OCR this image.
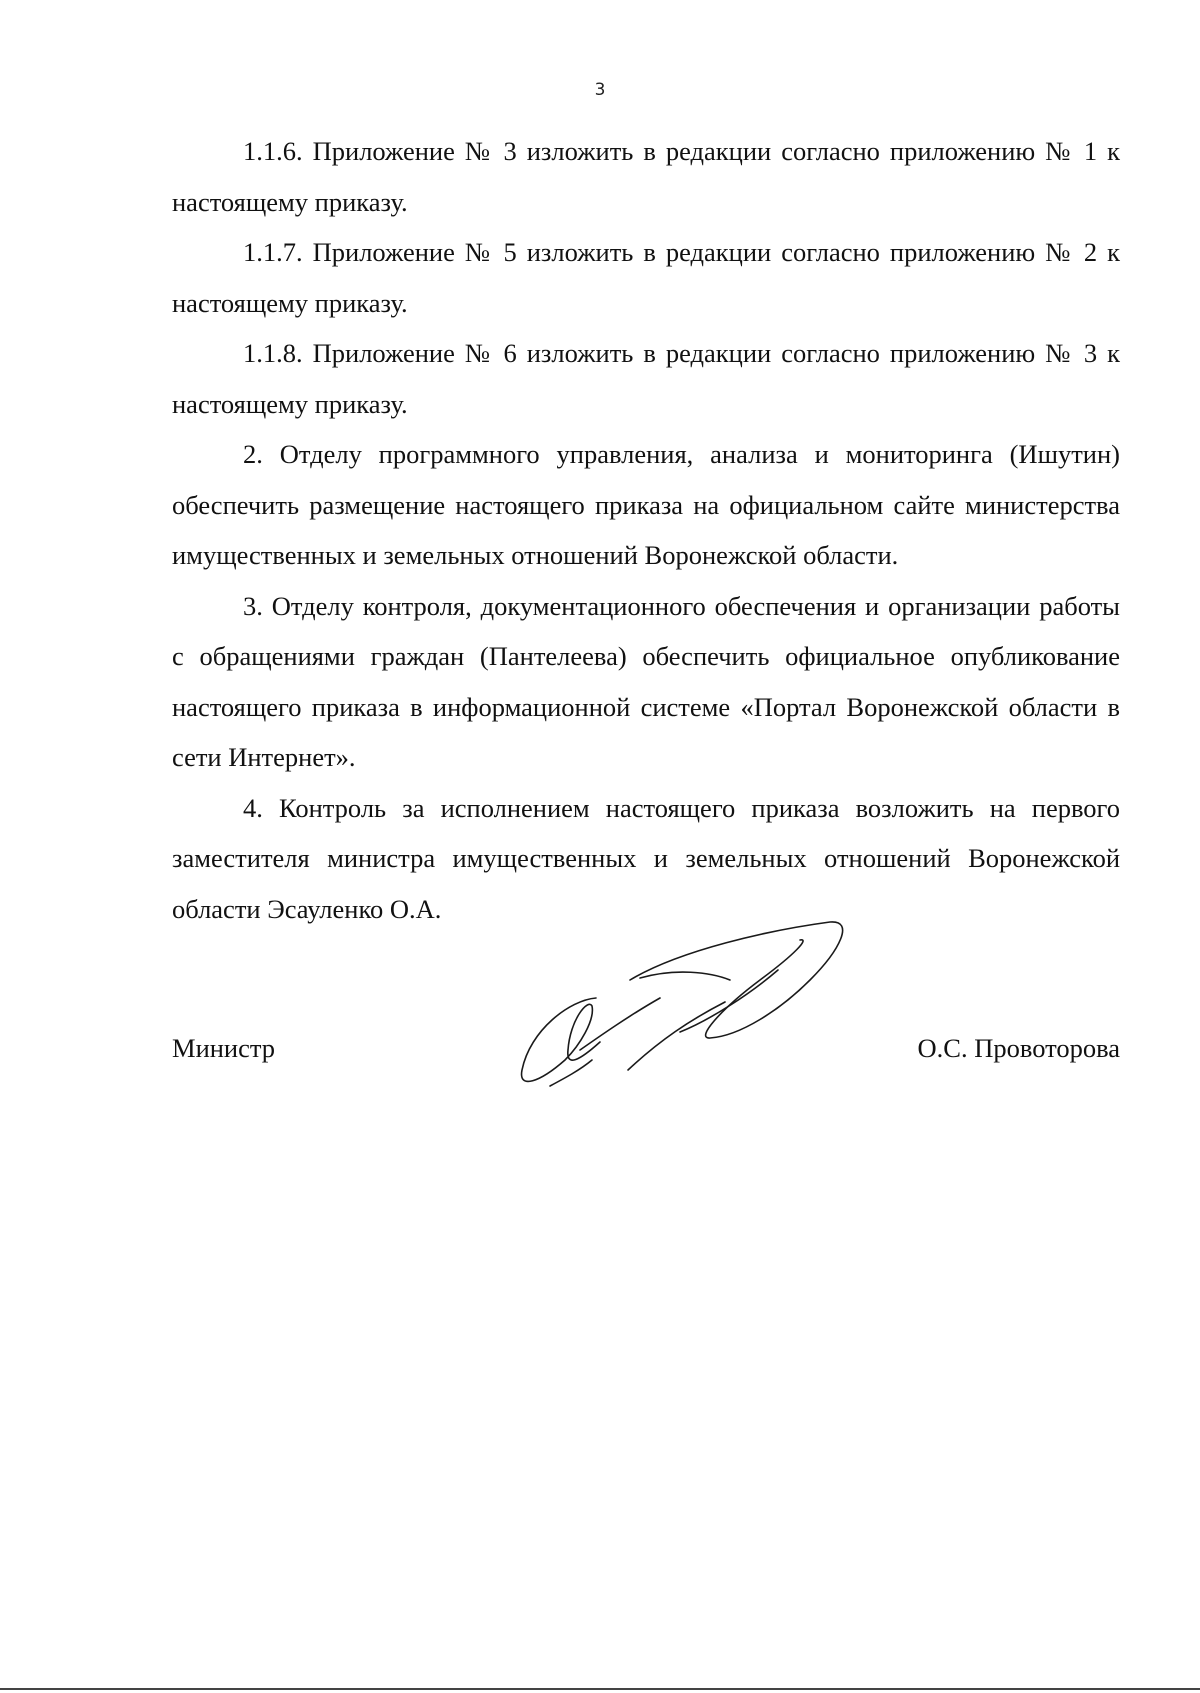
3

1.1.6. Приложение № 3 изложить в редакции согласно приложению № 1 к настоящему приказу.

1.1.7. Приложение № 5 изложить в редакции согласно приложению № 2 к настоящему приказу.

1.1.8. Приложение № 6 изложить в редакции согласно приложению № 3 к настоящему приказу.

2. Отделу программного управления, анализа и мониторинга (Ишутин) обеспечить размещение настоящего приказа на официальном сайте министерства имущественных и земельных отношений Воронежской области.

3. Отделу контроля, документационного обеспечения и организации работы с обращениями граждан (Пантелеева) обеспечить официальное опубликование настоящего приказа в информационной системе «Портал Воронежской области в сети Интернет».

4. Контроль за исполнением настоящего приказа возложить на первого заместителя министра имущественных и земельных отношений Воронежской области Эсауленко О.А.

Министр	О.С. Провоторова
